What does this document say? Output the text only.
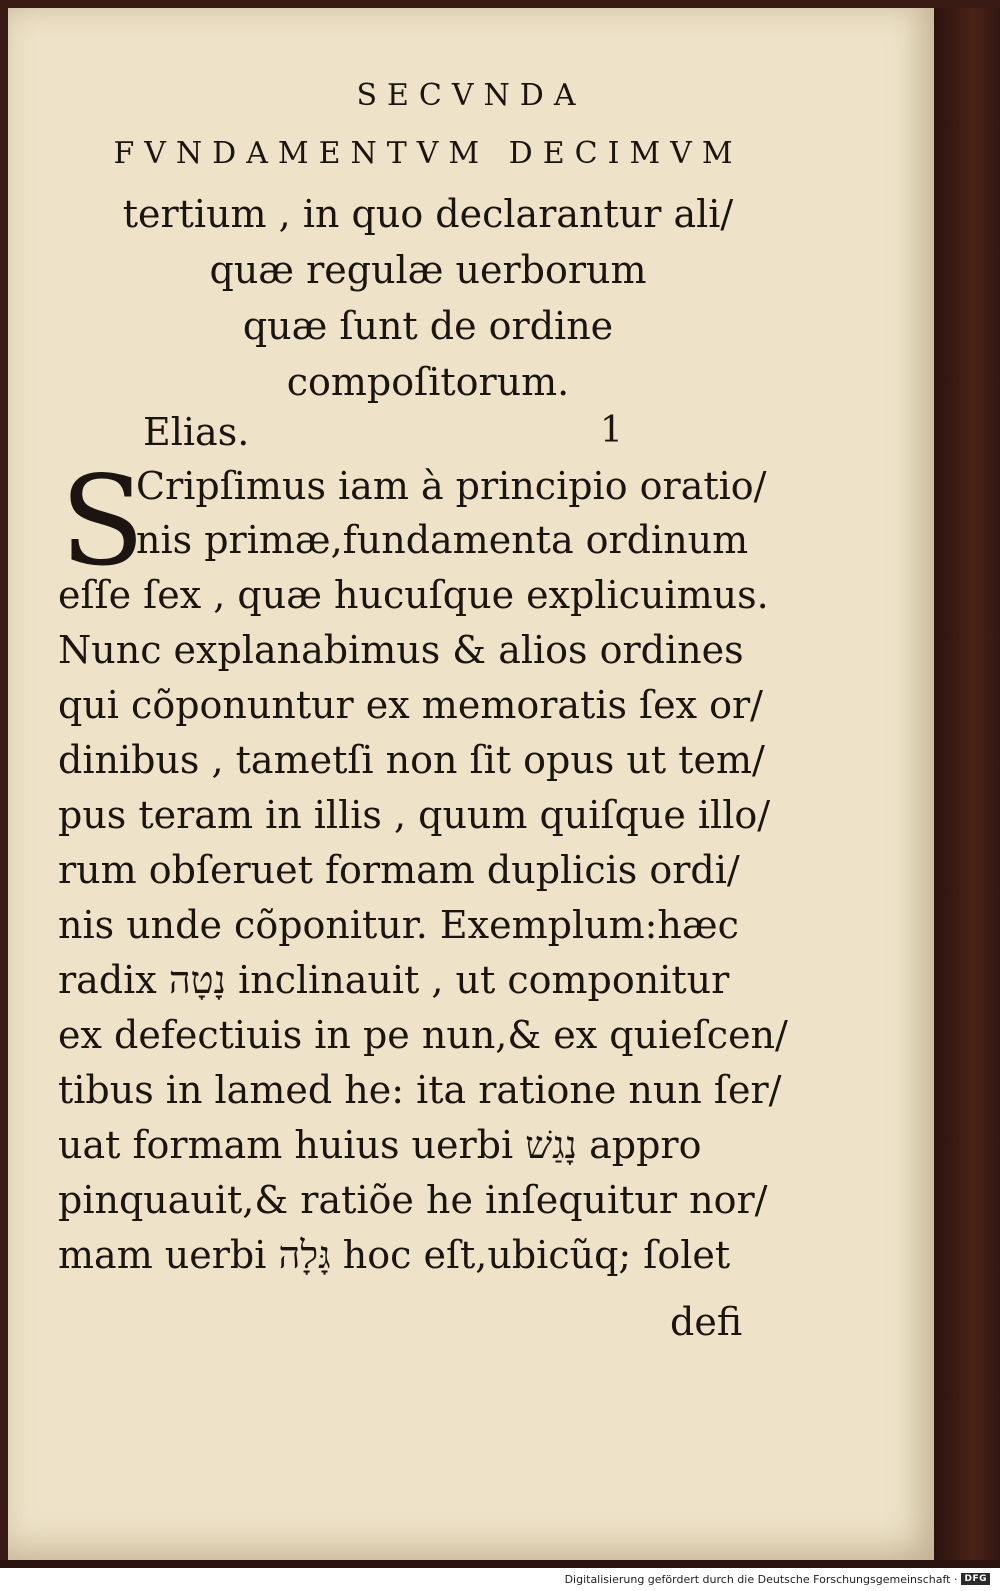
SECVNDA
FVNDAMENTVM DECIMVM
tertium , in quo declarantur ali/
quæ regulæ uerborum
quæ ſunt de ordine
compoſitorum.
Elias.	1
S
Cripſimus iam à principio oratio/
nis primæ,fundamenta ordinum
eſſe ſex , quæ hucuſque explicuimus.
Nunc explanabimus & alios ordines
qui cõponuntur ex memoratis ſex or/
dinibus , tametſi non ſit opus ut tem/
pus teram in illis , quum quiſque illo/
rum obſeruet formam duplicis ordi/
nis unde cõponitur. Exemplum:hæc
radix נָטָה inclinauit , ut componitur
ex defectiuis in pe nun,& ex quieſcen/
tibus in lamed he: ita ratione nun ſer/
uat formam huius uerbi נָגַשׁ appro
pinquauit,& ratiõe he inſequitur nor/
mam uerbi גָּלָה hoc eſt,ubicũq; ſolet
defi
Digitalisierung gefördert durch die Deutsche Forschungsgemeinschaft · DFG
